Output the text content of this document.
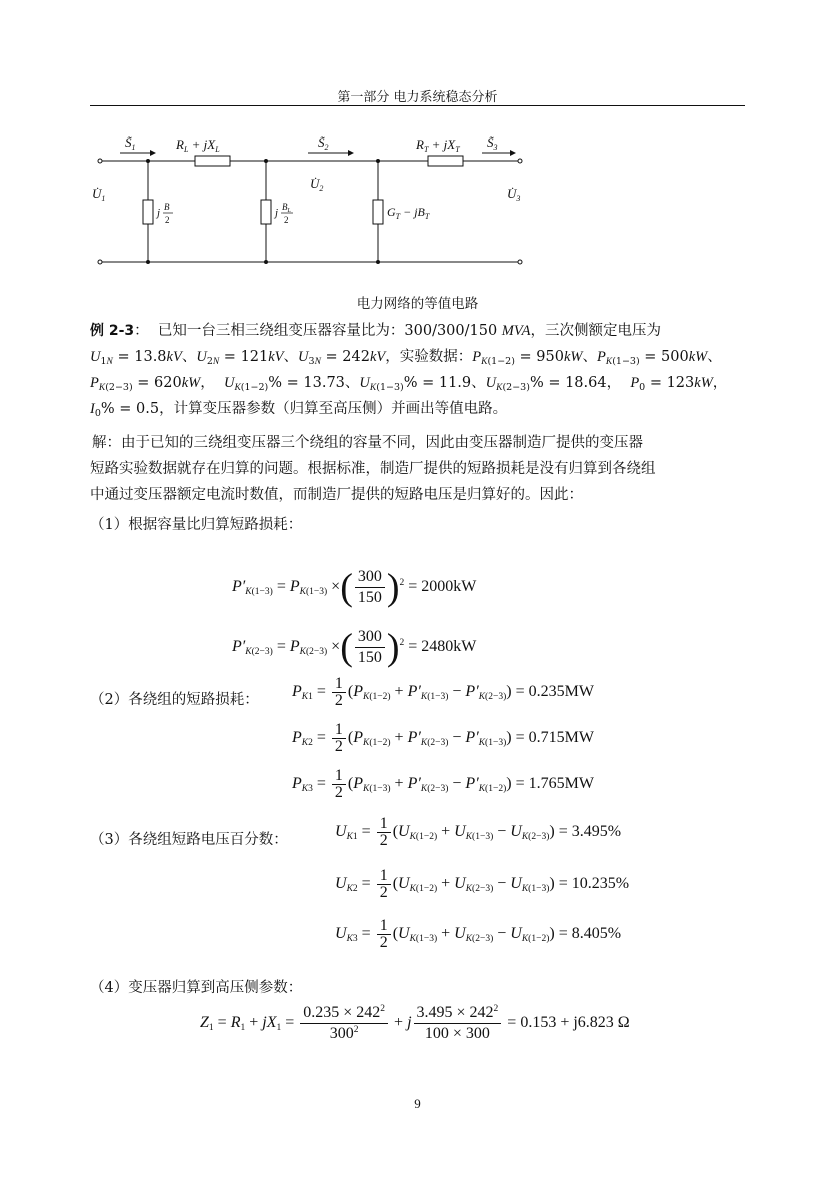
第一部分 电力系统稳态分析
$S̃_1$	$R_L + jX_L$	$S̃_2$	$R_T + jX_T$ $S̃_3$
$U̇_1$
$U̇_2$	$U̇_3$
j B
2
j $B_L$
2
$G_T - jB_T$
电力网络的等值电路
例 2-3：  已知一台三相三绕组变压器容量比为：300/300/150 MVA，三次侧额定电压为
$U_{1N} = 13.8kV$、$U_{2N} = 121kV$、$U_{3N} = 242kV$，实验数据：$P_{K(1-2)} = 950kW$、$P_{K(1-3)} = 500kW$、
$P_{K(2-3)} = 620kW$，  $U_{K(1-2)}\% = 13.73$、$U_{K(1-3)}\% = 11.9$、$U_{K(2-3)}\% = 18.64$，  $P_0 = 123kW$，
$I_0\% = 0.5$，计算变压器参数（归算至高压侧）并画出等值电路。
解：由于已知的三绕组变压器三个绕组的容量不同，因此由变压器制造厂提供的变压器
短路实验数据就存在归算的问题。根据标准，制造厂提供的短路损耗是没有归算到各绕组
中通过变压器额定电流时数值，而制造厂提供的短路电压是归算好的。因此：
（1）根据容量比归算短路损耗：
$P'_{K(1-3)} = P_{K(1-3)}$ ×( $\frac{300}{150} )^2 = 2000kW$
$P'_{K(2-3)} = P_{K(2-3)}$ ×( $\frac{300}{150} )^2 = 2480kW$
（2）各绕组的短路损耗： $P_{K1} = \frac{1}{2} (P_{K(1-2)} + P'_{K(1-3)} - P'_{K(2-3)}) = 0.235MW$
$P_{K2} = \frac{1}{2} (P_{K(1-2)} + P'_{K(2-3)} - P'_{K(1-3)}) = 0.715MW$
$P_{K3} = \frac{1}{2} (P_{K(1-3)} + P'_{K(2-3)} - P'_{K(1-2)}) = 1.765MW$
（3）各绕组短路电压百分数：	$U_{K1} = \frac{1}{2} (U_{K(1-2)} + U_{K(1-3)} - U_{K(2-3)}) = 3.495\%$
$U_{K2} = \frac{1}{2} (U_{K(1-2)} + U_{K(2-3)} - U_{K(1-3)}) = 10.235\%$
$U_{K3} = \frac{1}{2} (U_{K(1-3)} + U_{K(2-3)} - U_{K(1-2)}) = 8.405\%$
（4）变压器归算到高压侧参数：
$Z_1 = R_1 + jX_1 = \frac{0.235 \times 242^2}{300^2} + j \frac{3.495 \times 242^2}{100 \times 300} = 0.153 + j6.823$ Ω
9
